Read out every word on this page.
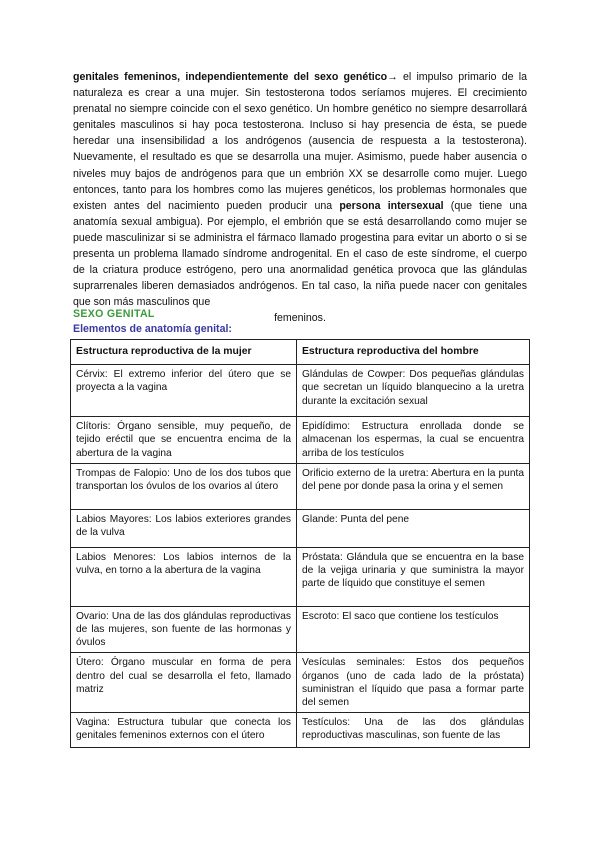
genitales femeninos, independientemente del sexo genético→ el impulso primario de la naturaleza es crear a una mujer. Sin testosterona todos seríamos mujeres. El crecimiento prenatal no siempre coincide con el sexo genético. Un hombre genético no siempre desarrollará genitales masculinos si hay poca testosterona. Incluso si hay presencia de ésta, se puede heredar una insensibilidad a los andrógenos (ausencia de respuesta a la testosterona). Nuevamente, el resultado es que se desarrolla una mujer. Asimismo, puede haber ausencia o niveles muy bajos de andrógenos para que un embrión XX se desarrolle como mujer. Luego entonces, tanto para los hombres como las mujeres genéticos, los problemas hormonales que existen antes del nacimiento pueden producir una persona intersexual (que tiene una anatomía sexual ambigua). Por ejemplo, el embrión que se está desarrollando como mujer se puede masculinizar si se administra el fármaco llamado progestina para evitar un aborto o si se presenta un problema llamado síndrome androgenital. En el caso de este síndrome, el cuerpo de la criatura produce estrógeno, pero una anormalidad genética provoca que las glándulas suprarrenales liberen demasiados andrógenos. En tal caso, la niña puede nacer con genitales que son más masculinos que
femeninos.
SEXO GENITAL
Elementos de anatomía genital:
Estructura reproductiva de la mujer	Estructura reproductiva del hombre
Cérvix: El extremo inferior del útero que se proyecta a la vagina	Glándulas de Cowper: Dos pequeñas glándulas que secretan un líquido blanquecino a la uretra durante la excitación sexual
Clítoris: Órgano sensible, muy pequeño, de tejido eréctil que se encuentra encima de la abertura de la vagina	Epidídimo: Estructura enrollada donde se almacenan los espermas, la cual se encuentra arriba de los testículos
Trompas de Falopio: Uno de los dos tubos que transportan los óvulos de los ovarios al útero	Orificio externo de la uretra: Abertura en la punta del pene por donde pasa la orina y el semen
Labios Mayores: Los labios exteriores grandes de la vulva	Glande: Punta del pene
Labios Menores: Los labios internos de la vulva, en torno a la abertura de la vagina	Próstata: Glándula que se encuentra en la base de la vejiga urinaria y que suministra la mayor parte de líquido que constituye el semen
Ovario: Una de las dos glándulas reproductivas de las mujeres, son fuente de las hormonas y óvulos	Escroto: El saco que contiene los testículos
Útero: Órgano muscular en forma de pera dentro del cual se desarrolla el feto, llamado matriz	Vesículas seminales: Estos dos pequeños órganos (uno de cada lado de la próstata) suministran el líquido que pasa a formar parte del semen
Vagina: Estructura tubular que conecta los genitales femeninos externos con el útero	Testículos: Una de las dos glándulas reproductivas masculinas, son fuente de las
